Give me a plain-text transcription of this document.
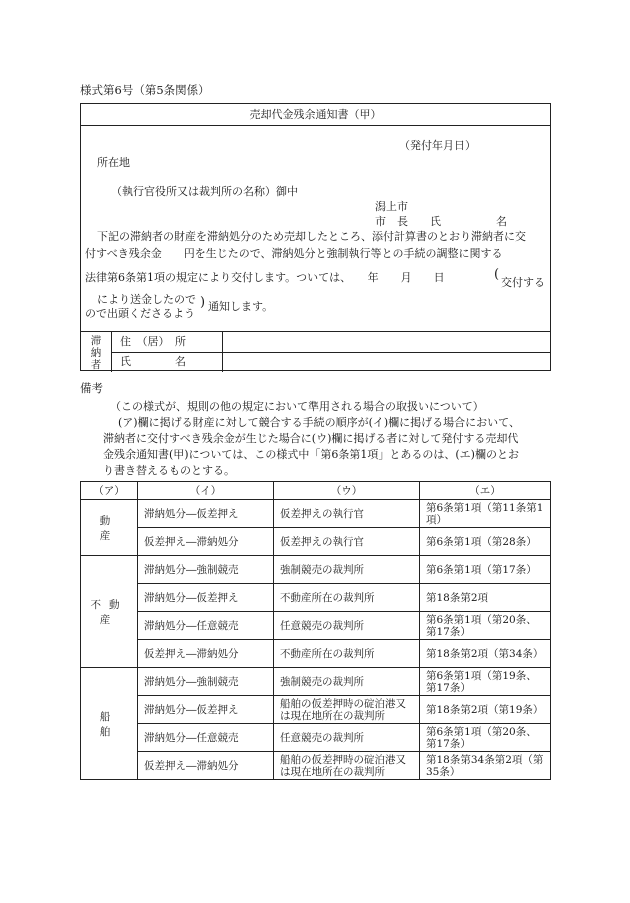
様式第6号（第5条関係）
売却代金残余通知書（甲）
（発付年月日）
所在地
（執行官役所又は裁判所の名称）御中
潟上市
市　長　　氏　　　　　名
下記の滞納者の財産を滞納処分のため売却したところ、添付計算書のとおり滞納者に交
付すべき残余金　　円を生じたので、滞納処分と強制執行等との手続の調整に関する
法律第6条第1項の規定により交付します。ついては、　　年　　月　　日	(
交付する
により送金したので
ので出頭くださるよう
) 通知します。
滞
納
者
住　（居）　所
氏　　　　名
備考
（この様式が、規則の他の規定において準用される場合の取扱いについて）
(ア)欄に掲げる財産に対して競合する手続の順序が(イ)欄に掲げる場合において、
滞納者に交付すべき残余金が生じた場合に(ウ)欄に掲げる者に対して発付する売却代
金残余通知書(甲)については、この様式中「第6条第1項」とあるのは、(エ)欄のとお
り書き替えるものとする。
（ア）	（イ）	（ウ）	（エ）
動　産	滞納処分―仮差押え	仮差押えの執行官	第6条第1項（第11条第1項）
	仮差押え―滞納処分	仮差押えの執行官	第6条第1項（第28条）
不動産	滞納処分―強制競売	強制競売の裁判所	第6条第1項（第17条）
	滞納処分―仮差押え	不動産所在の裁判所	第18条第2項
	滞納処分―任意競売	任意競売の裁判所	第6条第1項（第20条、第17条）
	仮差押え―滞納処分	不動産所在の裁判所	第18条第2項（第34条）
船　舶	滞納処分―強制競売	強制競売の裁判所	第6条第1項（第19条、第17条）
	滞納処分―仮差押え	船舶の仮差押時の碇泊港又は現在地所在の裁判所	第18条第2項（第19条）
	滞納処分―任意競売	任意競売の裁判所	第6条第1項（第20条、第17条）
	仮差押え―滞納処分	船舶の仮差押時の碇泊港又は現在地所在の裁判所	第18条第34条第2項（第35条）
